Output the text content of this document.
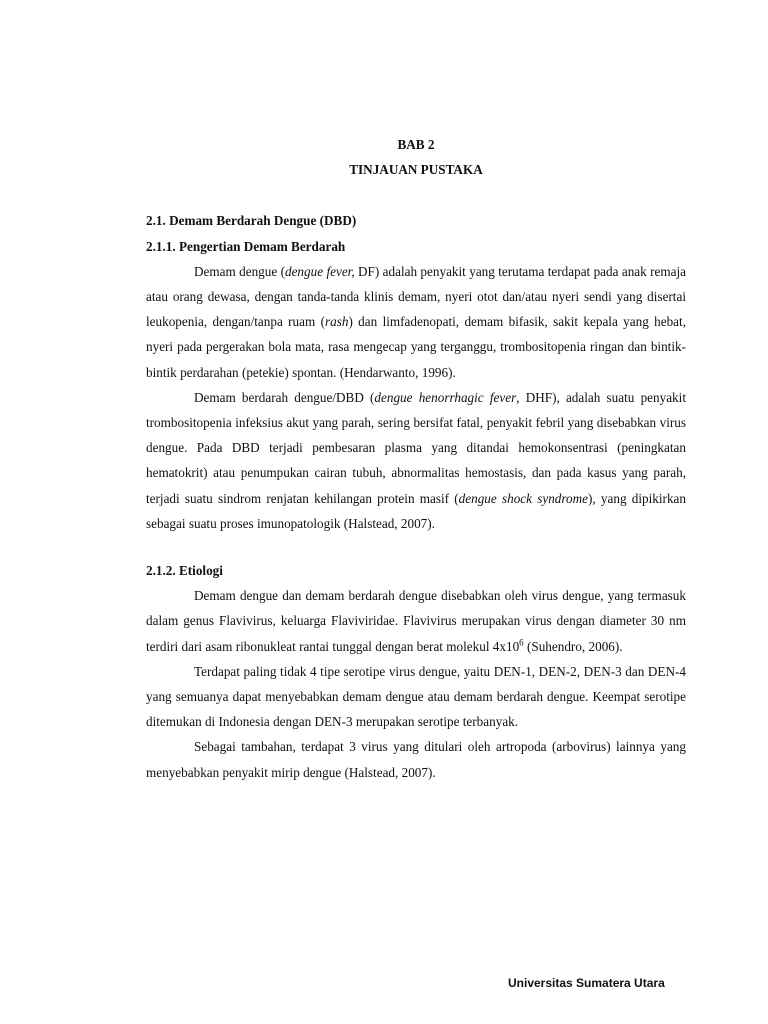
BAB 2
TINJAUAN PUSTAKA
2.1. Demam Berdarah Dengue (DBD)
2.1.1. Pengertian Demam Berdarah

Demam dengue (dengue fever, DF) adalah penyakit yang terutama terdapat pada anak remaja atau orang dewasa, dengan tanda-tanda klinis demam, nyeri otot dan/atau nyeri sendi yang disertai leukopenia, dengan/tanpa ruam (rash) dan limfadenopati, demam bifasik, sakit kepala yang hebat, nyeri pada pergerakan bola mata, rasa mengecap yang terganggu, trombositopenia ringan dan bintik-bintik perdarahan (petekie) spontan. (Hendarwanto, 1996).

Demam berdarah dengue/DBD (dengue henorrhagic fever, DHF), adalah suatu penyakit trombositopenia infeksius akut yang parah, sering bersifat fatal, penyakit febril yang disebabkan virus dengue. Pada DBD terjadi pembesaran plasma yang ditandai hemokonsentrasi (peningkatan hematokrit) atau penumpukan cairan tubuh, abnormalitas hemostasis, dan pada kasus yang parah, terjadi suatu sindrom renjatan kehilangan protein masif (dengue shock syndrome), yang dipikirkan sebagai suatu proses imunopatologik (Halstead, 2007).

2.1.2. Etiologi

Demam dengue dan demam berdarah dengue disebabkan oleh virus dengue, yang termasuk dalam genus Flavivirus, keluarga Flaviviridae. Flavivirus merupakan virus dengan diameter 30 nm terdiri dari asam ribonukleat rantai tunggal dengan berat molekul $4x10^6$ (Suhendro, 2006).

Terdapat paling tidak 4 tipe serotipe virus dengue, yaitu DEN-1, DEN-2, DEN-3 dan DEN-4 yang semuanya dapat menyebabkan demam dengue atau demam berdarah dengue. Keempat serotipe ditemukan di Indonesia dengan DEN-3 merupakan serotipe terbanyak.

Sebagai tambahan, terdapat 3 virus yang ditulari oleh artropoda (arbovirus) lainnya yang menyebabkan penyakit mirip dengue (Halstead, 2007).

Universitas Sumatera Utara
